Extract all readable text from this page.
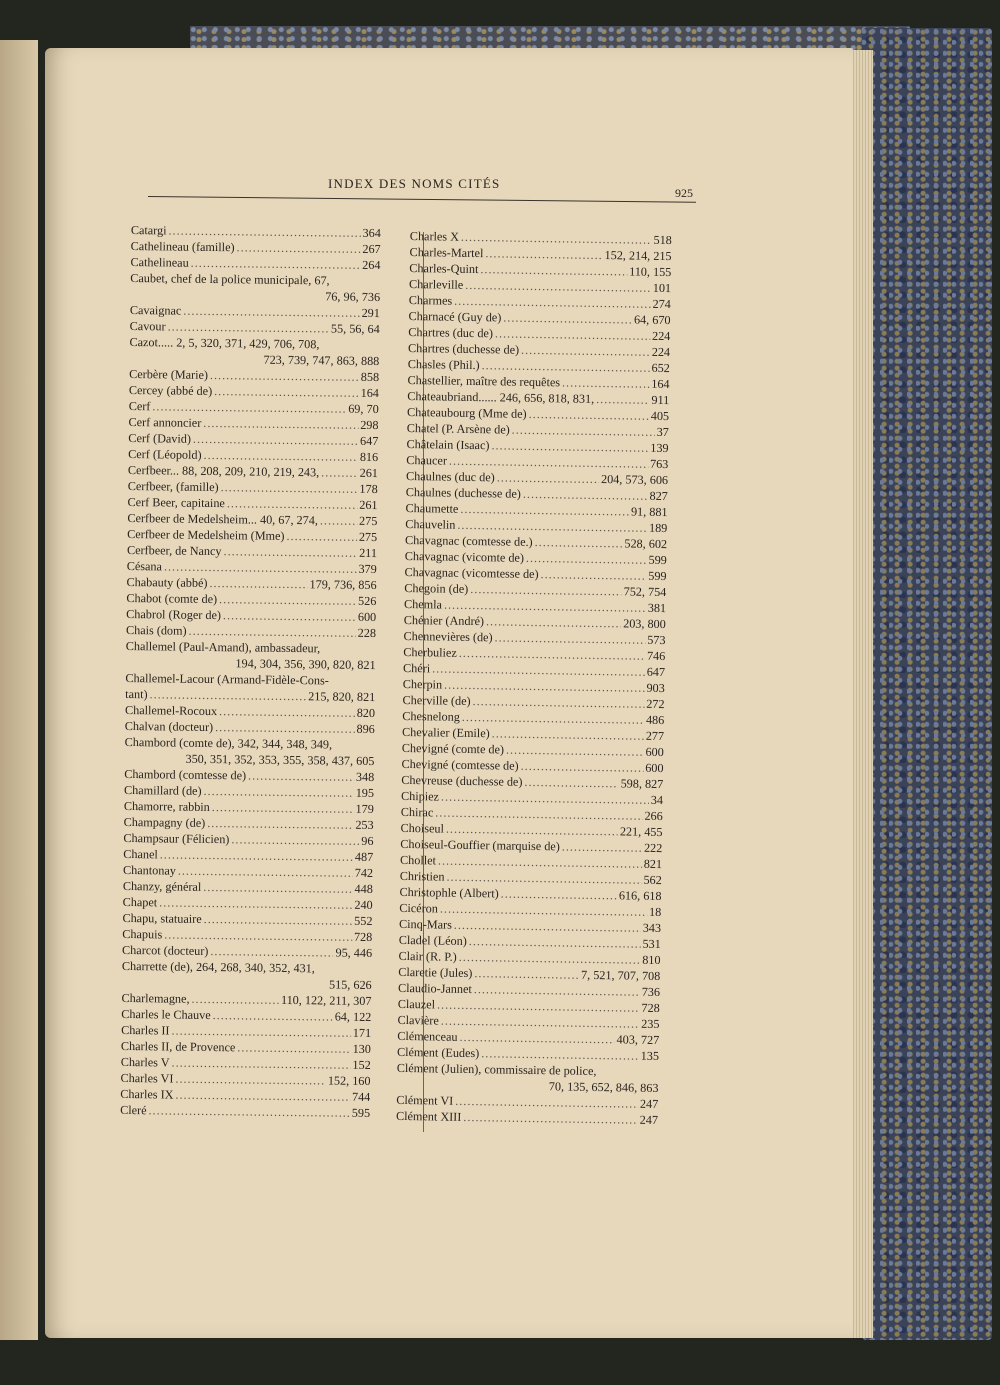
INDEX DES NOMS CITÉS
925
Catargi .....	364
Cathelineau (famille) .....	267
Cathelineau .....	264
Caubet, chef de la police municipale, 67,
76, 96, 736
Cavaignac .....	291
Cavour .....	55, 56, 64
Cazot..... 2, 5, 320, 371, 429, 706, 708,
723, 739, 747, 863, 888
Cerbère (Marie) .....	858
Cercey (abbé de) .....	164
Cerf .....	69, 70
Cerf annoncier .....	298
Cerf (David) .....	647
Cerf (Léopold) .....	816
Cerfbeer... 88, 208, 209, 210, 219, 243, .....	261
Cerfbeer, (famille) .....	178
Cerf Beer, capitaine .....	261
Cerfbeer de Medelsheim... 40, 67, 274, .....	275
Cerfbeer de Medelsheim (Mme) .....	275
Cerfbeer, de Nancy .....	211
Césana .....	379
Chabauty (abbé) .....	179, 736, 856
Chabot (comte de) .....	526
Chabrol (Roger de) .....	600
Chais (dom) .....	228
Challemel (Paul-Amand), ambassadeur,
194, 304, 356, 390, 820, 821
Challemel-Lacour (Armand-Fidèle-Cons-
tant) .....	215, 820, 821
Challemel-Rocoux .....	820
Chalvan (docteur) .....	896
Chambord (comte de), 342, 344, 348, 349,
350, 351, 352, 353, 355, 358, 437, 605
Chambord (comtesse de) .....	348
Chamillard (de) .....	195
Chamorre, rabbin .....	179
Champagny (de) .....	253
Champsaur (Félicien) .....	96
Chanel .....	487
Chantonay .....	742
Chanzy, général .....	448
Chapet .....	240
Chapu, statuaire .....	552
Chapuis .....	728
Charcot (docteur) .....	95, 446
Charrette (de), 264, 268, 340, 352, 431,
515, 626
Charlemagne, .....	110, 122, 211, 307
Charles le Chauve .....	64, 122
Charles II .....	171
Charles II, de Provence .....	130
Charles V .....	152
Charles VI .....	152, 160
Charles IX .....	744
Cleré .....	595
Charles X .....	518
Charles-Martel .....	152, 214, 215
Charles-Quint .....	110, 155
Charleville .....	101
Charmes .....	274
Charnacé (Guy de) .....	64, 670
Chartres (duc de) .....	224
Chartres (duchesse de) .....	224
Chasles (Phil.) .....	652
Chastellier, maître des requêtes .....	164
Chateaubriand...... 246, 656, 818, 831, .....	911
Chateaubourg (Mme de) .....	405
Chatel (P. Arsène de) .....	37
Châtelain (Isaac) .....	139
Chaucer .....	763
Chaulnes (duc de) .....	204, 573, 606
Chaulnes (duchesse de) .....	827
Chaumette .....	91, 881
Chauvelin .....	189
Chavagnac (comtesse de.) .....	528, 602
Chavagnac (vicomte de) .....	599
Chavagnac (vicomtesse de) .....	599
Chegoin (de) .....	752, 754
Chemla .....	381
Chénier (André) .....	203, 800
Chennevières (de) .....	573
Cherbuliez .....	746
Chéri .....	647
Cherpin .....	903
Cherville (de) .....	272
Chesnelong .....	486
Chevalier (Emile) .....	277
Chevigné (comte de) .....	600
Chevigné (comtesse de) .....	600
Chevreuse (duchesse de) .....	598, 827
Chipiez .....	34
Chirac .....	266
Choiseul .....	221, 455
Choiseul-Gouffier (marquise de) .....	222
Chollet .....	821
Christien .....	562
Christophle (Albert) .....	616, 618
Cicéron .....	18
Cinq-Mars .....	343
Cladel (Léon) .....	531
Clair (R. P.) .....	810
Claretie (Jules) .....	7, 521, 707, 708
Claudio-Jannet .....	736
Clauzel .....	728
Clavière .....	235
Clémenceau .....	403, 727
Clément (Eudes) .....	135
Clément (Julien), commissaire de police,
70, 135, 652, 846, 863
Clément VI .....	247
Clément XIII .....	247
